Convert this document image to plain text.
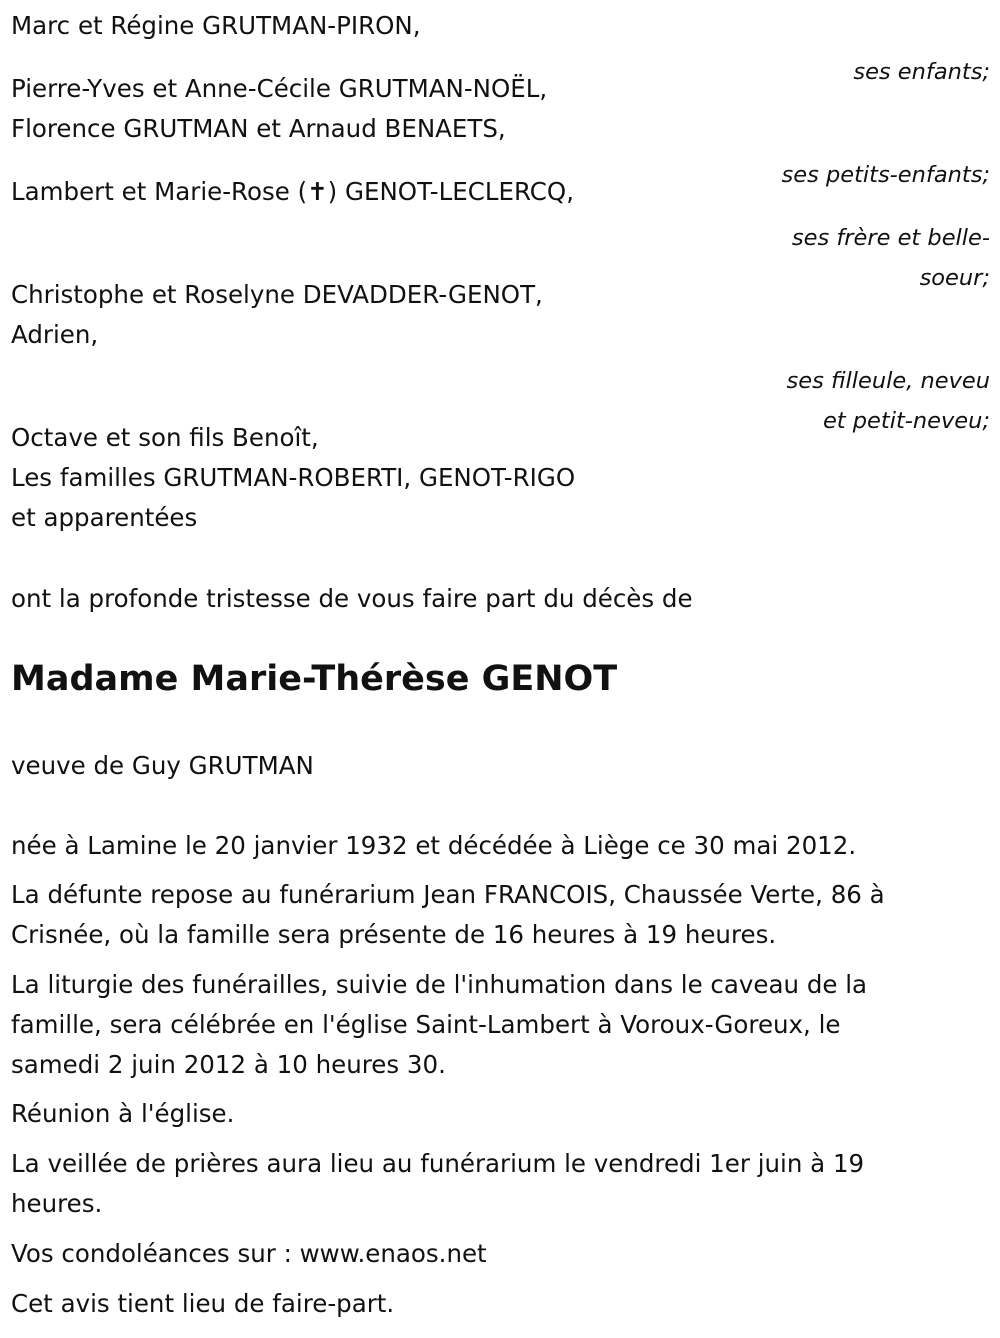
Marc et Régine GRUTMAN-PIRON,

ses enfants;

Pierre-Yves et Anne-Cécile GRUTMAN-NOËL,

Florence GRUTMAN et Arnaud BENAETS,

ses petits-enfants;

Lambert et Marie-Rose (✝) GENOT-LECLERCQ,

ses frère et belle-

soeur;

Christophe et Roselyne DEVADDER-GENOT,

Adrien,

ses filleule, neveu

et petit-neveu;

Octave et son fils Benoît,

Les familles GRUTMAN-ROBERTI, GENOT-RIGO

et apparentées

ont la profonde tristesse de vous faire part du décès de

Madame Marie-Thérèse GENOT

veuve de Guy GRUTMAN

née à Lamine le 20 janvier 1932 et décédée à Liège ce 30 mai 2012.

La défunte repose au funérarium Jean FRANCOIS, Chaussée Verte, 86 à

Crisnée, où la famille sera présente de 16 heures à 19 heures.

La liturgie des funérailles, suivie de l'inhumation dans le caveau de la

famille, sera célébrée en l'église Saint-Lambert à Voroux-Goreux, le

samedi 2 juin 2012 à 10 heures 30.

Réunion à l'église.

La veillée de prières aura lieu au funérarium le vendredi 1er juin à 19

heures.

Vos condoléances sur : www.enaos.net

Cet avis tient lieu de faire-part.
